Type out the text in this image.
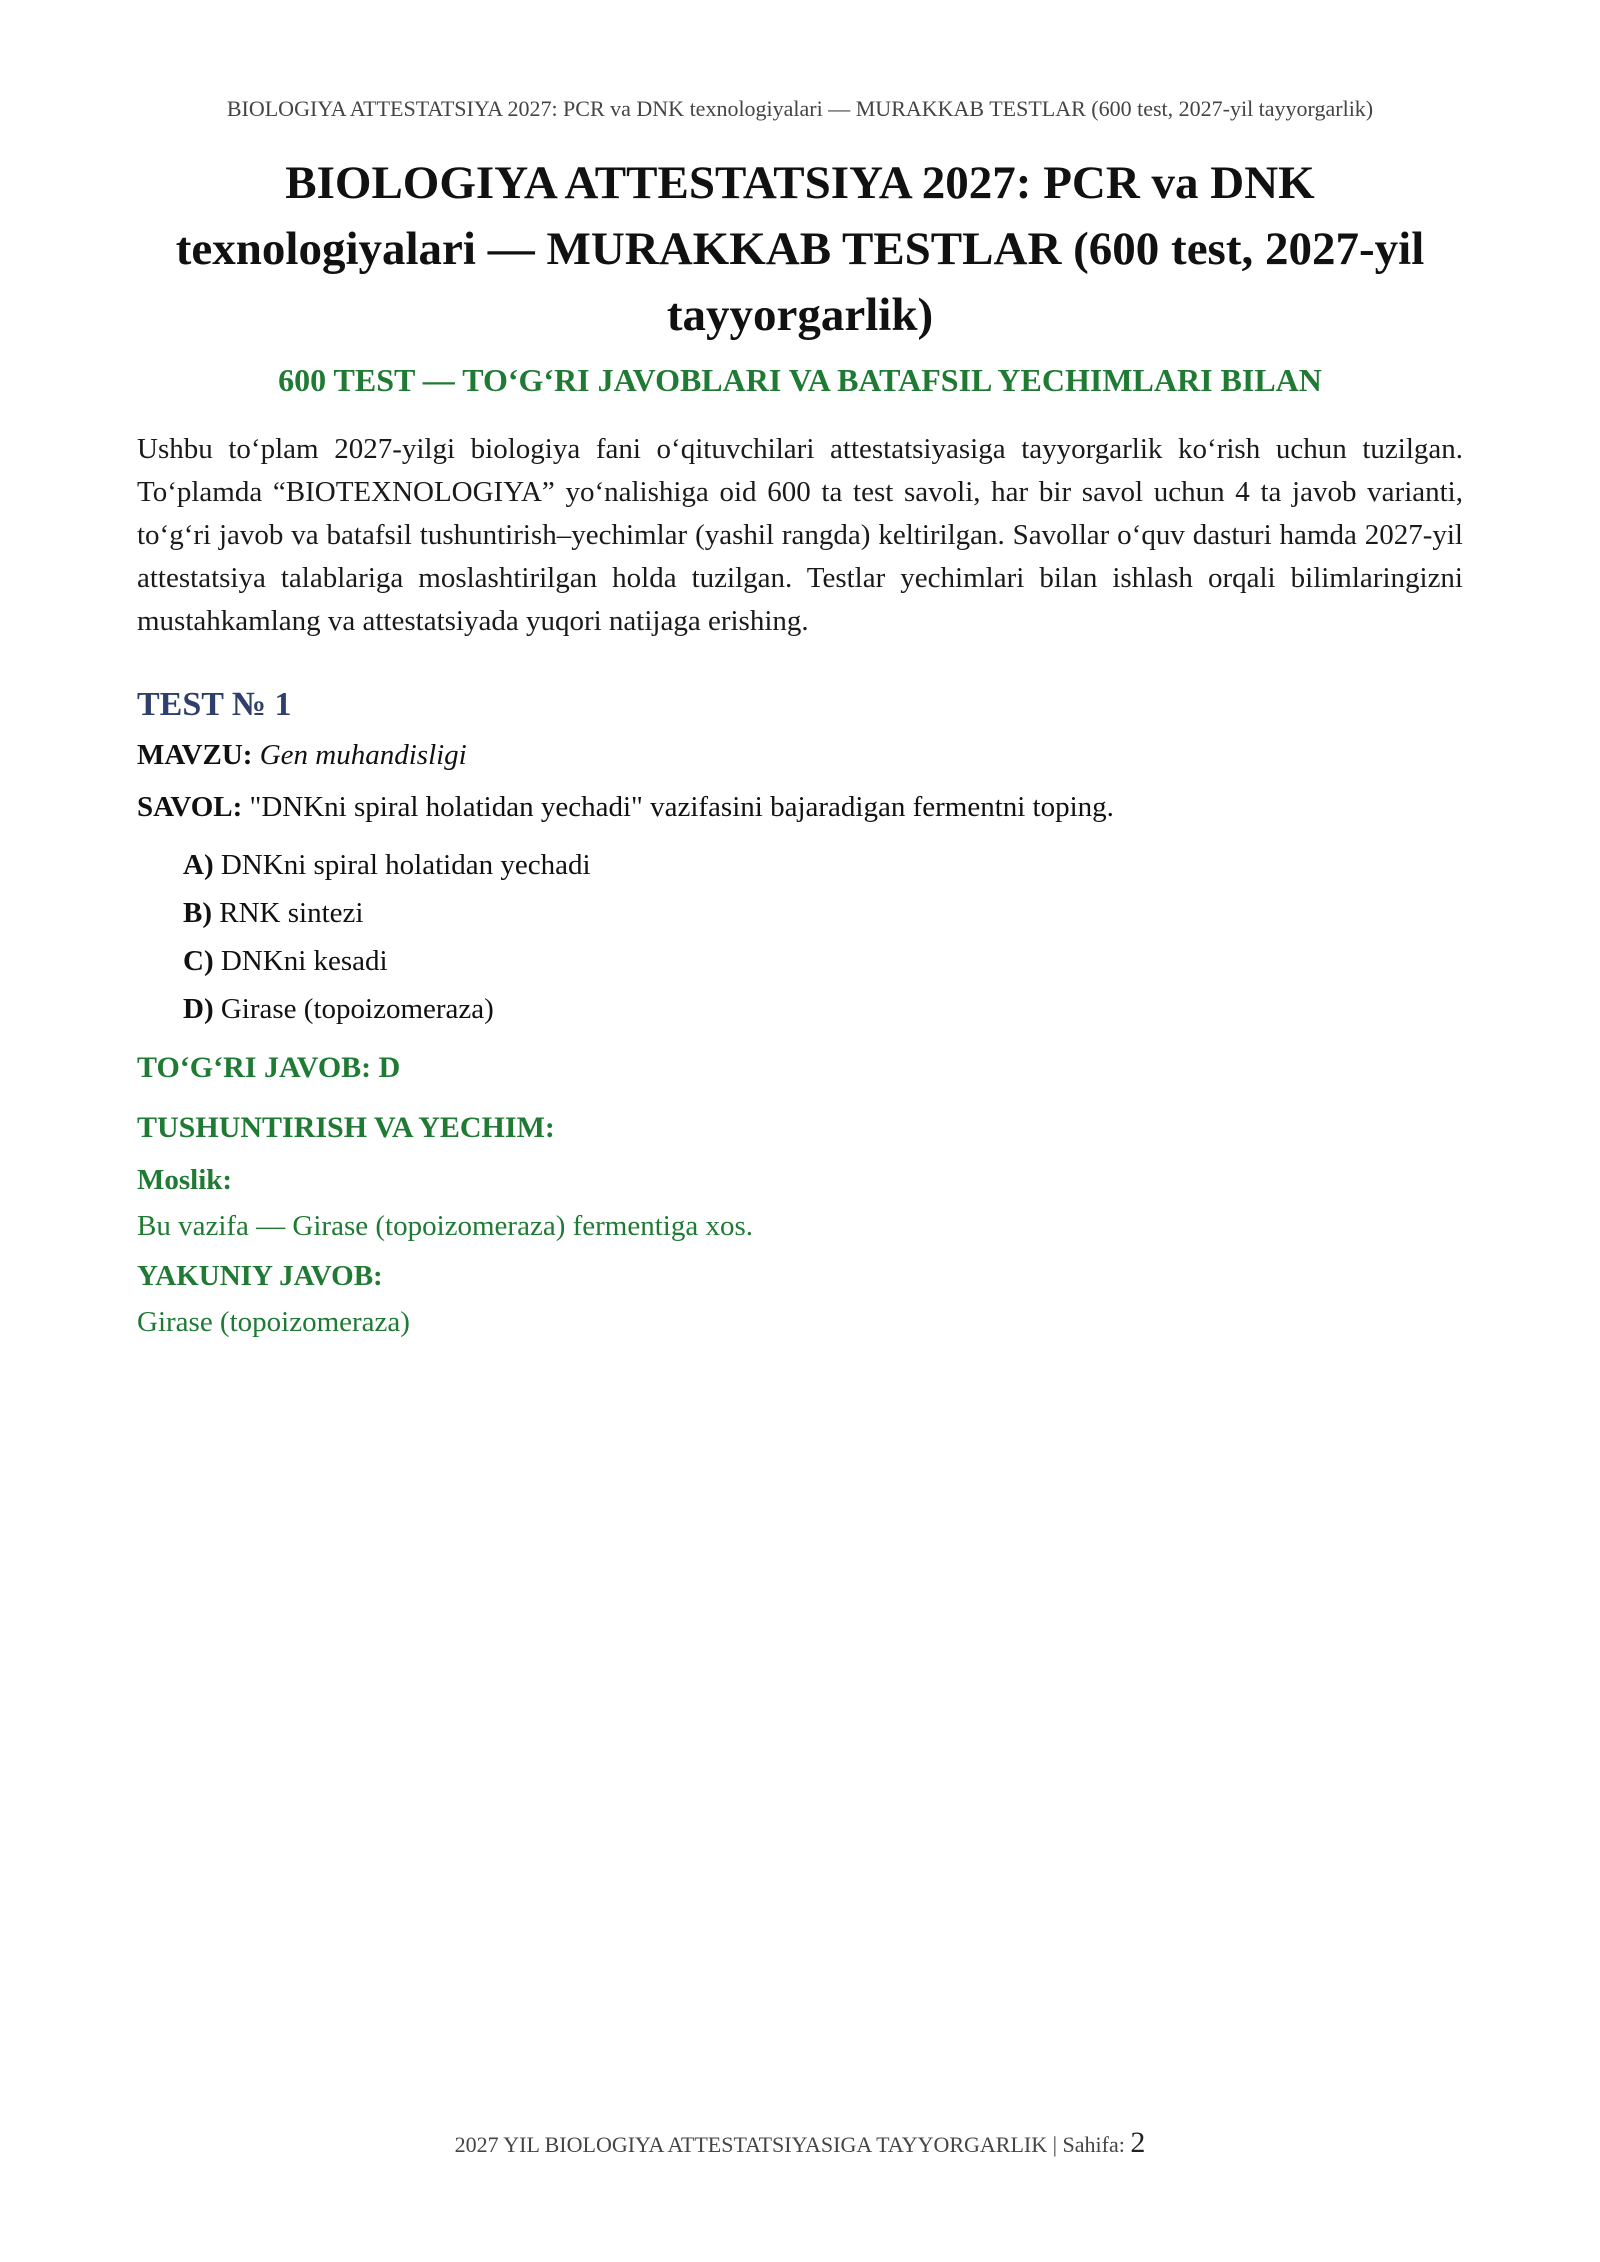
BIOLOGIYA ATTESTATSIYA 2027: PCR va DNK texnologiyalari — MURAKKAB TESTLAR (600 test, 2027-yil tayyorgarlik)
BIOLOGIYA ATTESTATSIYA 2027: PCR va DNK texnologiyalari — MURAKKAB TESTLAR (600 test, 2027-yil tayyorgarlik)
600 TEST — TO‘G‘RI JAVOBLARI VA BATAFSIL YECHIMLARI BILAN

Ushbu to‘plam 2027-yilgi biologiya fani o‘qituvchilari attestatsiyasiga tayyorgarlik ko‘rish uchun tuzilgan. To‘plamda “BIOTEXNOLOGIYA” yo‘nalishiga oid 600 ta test savoli, har bir savol uchun 4 ta javob varianti, to‘g‘ri javob va batafsil tushuntirish–yechimlar (yashil rangda) keltirilgan. Savollar o‘quv dasturi hamda 2027-yil attestatsiya talablariga moslashtirilgan holda tuzilgan. Testlar yechimlari bilan ishlash orqali bilimlaringizni mustahkamlang va attestatsiyada yuqori natijaga erishing.

TEST № 1
MAVZU: Gen muhandisligi
SAVOL: "DNKni spiral holatidan yechadi" vazifasini bajaradigan fermentni toping.
A) DNKni spiral holatidan yechadi
B) RNK sintezi
C) DNKni kesadi
D) Girase (topoizomeraza)
TO‘G‘RI JAVOB: D
TUSHUNTIRISH VA YECHIM:
Moslik:
Bu vazifa — Girase (topoizomeraza) fermentiga xos.
YAKUNIY JAVOB:
Girase (topoizomeraza)
2027 YIL BIOLOGIYA ATTESTATSIYASIGA TAYYORGARLIK | Sahifa: 2
